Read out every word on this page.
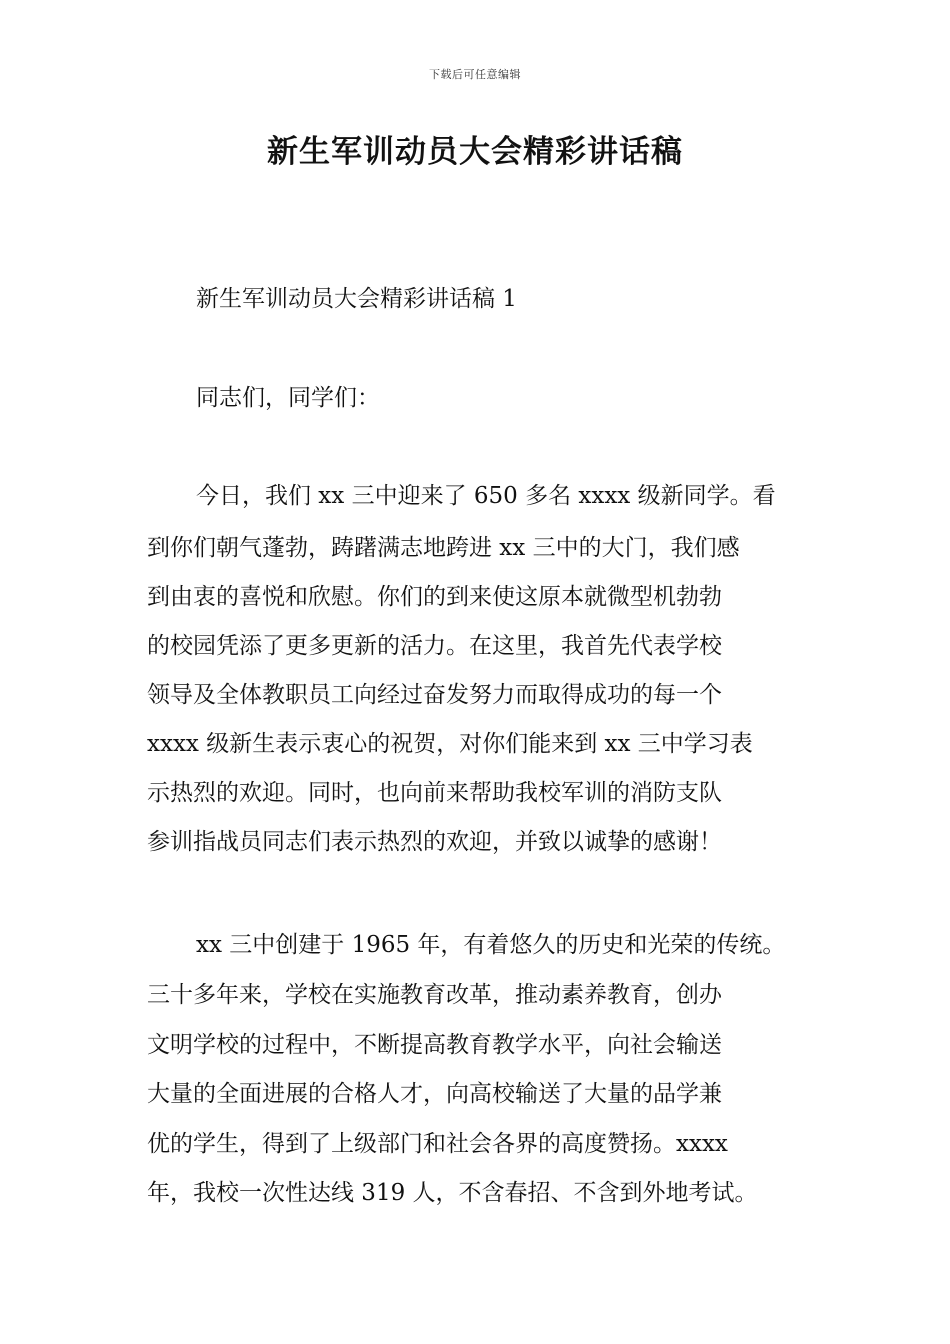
下载后可任意编辑
新生军训动员大会精彩讲话稿
新生军训动员大会精彩讲话稿 1
同志们，同学们：
今日，我们 xx 三中迎来了 650 多名 xxxx 级新同学。看
到你们朝气蓬勃，踌躇满志地跨进 xx 三中的大门，我们感
到由衷的喜悦和欣慰。你们的到来使这原本就微型机勃勃
的校园凭添了更多更新的活力。在这里，我首先代表学校
领导及全体教职员工向经过奋发努力而取得成功的每一个
xxxx 级新生表示衷心的祝贺，对你们能来到 xx 三中学习表
示热烈的欢迎。同时，也向前来帮助我校军训的消防支队
参训指战员同志们表示热烈的欢迎，并致以诚挚的感谢！
xx 三中创建于 1965 年，有着悠久的历史和光荣的传统。
三十多年来，学校在实施教育改革，推动素养教育，创办
文明学校的过程中，不断提高教育教学水平，向社会输送
大量的全面进展的合格人才，向高校输送了大量的品学兼
优的学生，得到了上级部门和社会各界的高度赞扬。xxxx
年，我校一次性达线 319 人，不含春招、不含到外地考试。
